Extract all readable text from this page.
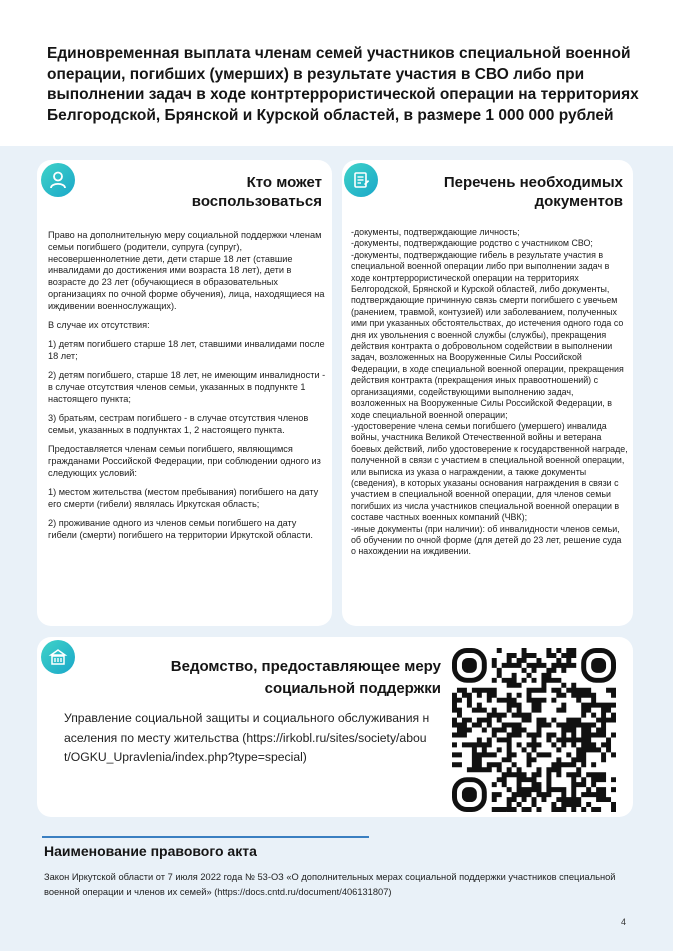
Единовременная выплата членам семей участников специальной военной операции, погибших (умерших) в результате участия в СВО либо при выполнении задач в ходе контртеррористической операции на территориях Белгородской, Брянской и Курской областей, в размере 1 000 000 рублей
Кто может
воспользоваться

Право на дополнительную меру социальной поддержки членам семьи погибшего (родители, супруга (супруг), несовершеннолетние дети, дети старше 18 лет (ставшие инвалидами до достижения ими возраста 18 лет), дети в возрасте до 23 лет (обучающиеся в образовательных организациях по очной форме обучения), лица, находящиеся на иждивении военнослужащих).

В случае их отсутствия:

1) детям погибшего старше 18 лет, ставшими инвалидами после 18 лет;

2) детям погибшего, старше 18 лет, не имеющим инвалидности - в случае отсутствия членов семьи, указанных в подпункте 1 настоящего пункта;

3) братьям, сестрам погибшего - в случае отсутствия членов семьи, указанных в подпунктах 1, 2 настоящего пункта.

Предоставляется членам семьи погибшего, являющимся гражданами Российской Федерации, при соблюдении одного из следующих условий:

1) местом жительства (местом пребывания) погибшего на дату его смерти (гибели) являлась Иркутская область;

2) проживание одного из членов семьи погибшего на дату гибели (смерти) погибшего на территории Иркутской области.

Перечень необходимых
документов
-документы, подтверждающие личность;
-документы, подтверждающие родство с участником СВО;
-документы, подтверждающие гибель в результате участия в специальной военной операции либо при выполнении задач в ходе контртеррористической операции на территориях Белгородской, Брянской и Курской областей, либо документы, подтверждающие причинную связь смерти погибшего с увечьем (ранением, травмой, контузией) или заболеванием, полученных ими при указанных обстоятельствах, до истечения одного года со дня их увольнения с военной службы (службы), прекращения действия контракта о добровольном содействии в выполнении задач, возложенных на Вооруженные Силы Российской Федерации, в ходе специальной военной операции, прекращения действия контракта (прекращения иных правоотношений) с организациями, содействующими выполнению задач, возложенных на Вооруженные Силы Российской Федерации, в ходе специальной военной операции;
-удостоверение члена семьи погибшего (умершего) инвалида войны, участника Великой Отечественной войны и ветерана боевых действий, либо удостоверение к государственной награде, полученной в связи с участием в специальной военной операции, или выписка из указа о награждении, а также документы (сведения), в которых указаны основания награждения в связи с участием в специальной военной операции, для членов семьи погибших из числа участников специальной военной операции в составе частных военных компаний (ЧВК);
-иные документы (при наличии): об инвалидности членов семьи, об обучении по очной форме (для детей до 23 лет, решение суда о нахождении на иждивении.
Ведомство, предоставляющее меру
социальной поддержки
Управление социальной защиты и социального обслуживания населения по месту жительства (https://irkobl.ru/sites/society/about/OGKU_Upravlenia/index.php?type=special)
Наименование правового акта
Закон Иркутской области от 7 июля 2022 года № 53-ОЗ «О дополнительных мерах социальной поддержки участников специальной военной операции и членов их семей» (https://docs.cntd.ru/document/406131807)
4
